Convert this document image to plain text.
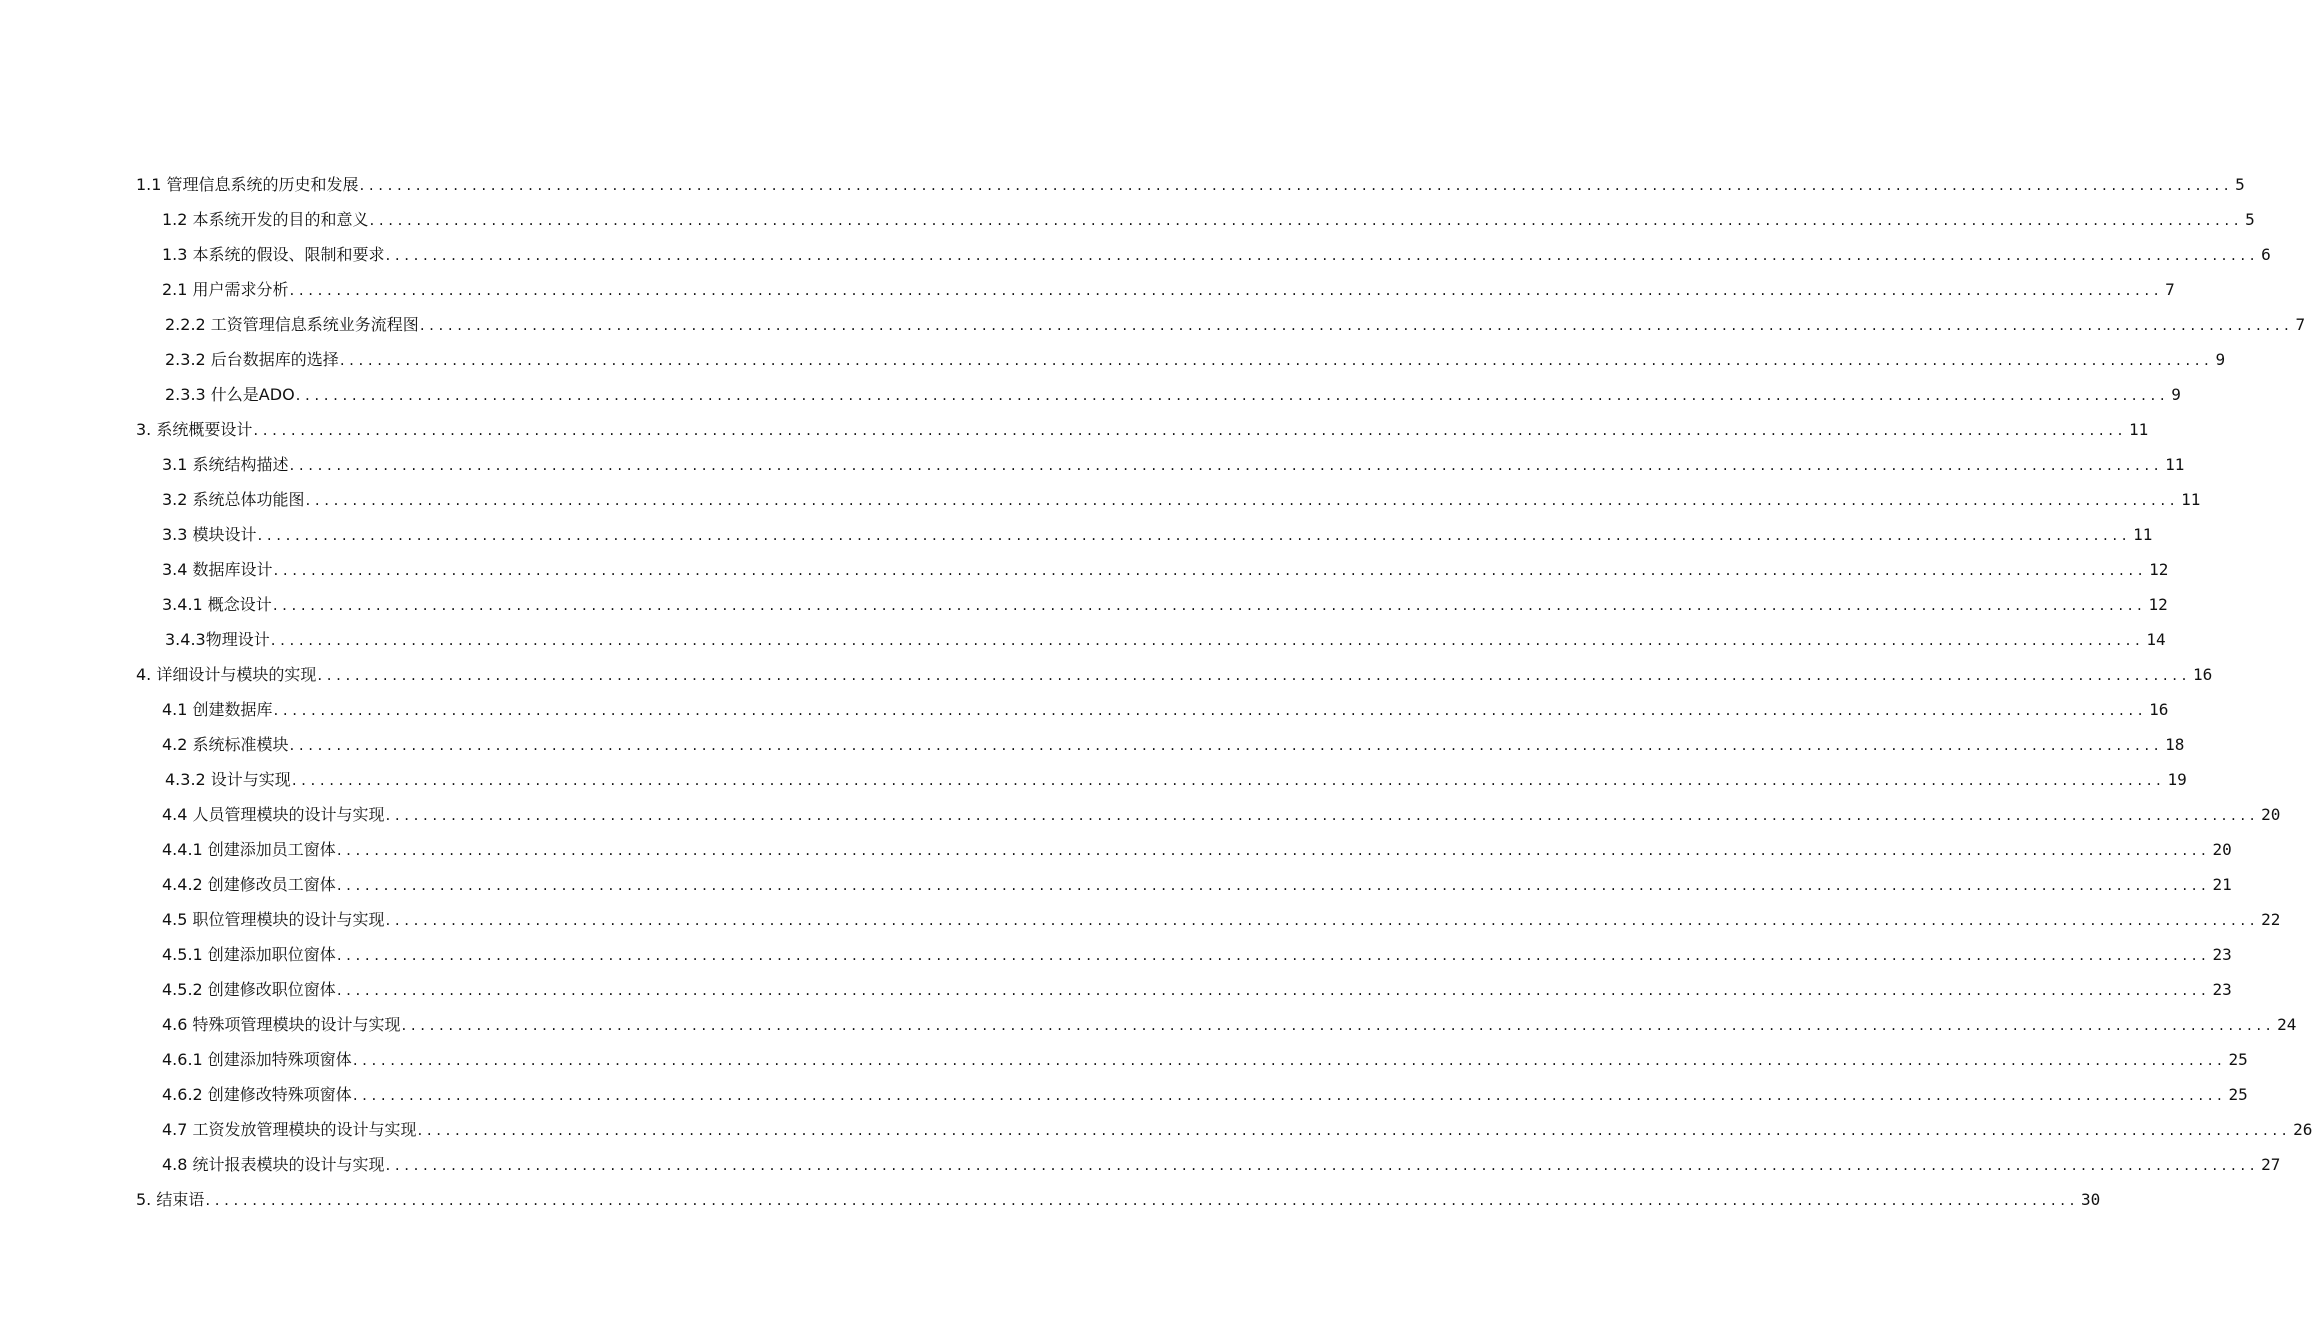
1.1 管理信息系统的历史和发展 ........................................................................................................................................................................................................ 5
1.2 本系统开发的目的和意义 ........................................................................................................................................................................................................ 5
1.3 本系统的假设、限制和要求 ........................................................................................................................................................................................................ 6
2.1 用户需求分析 ........................................................................................................................................................................................................ 7
2.2.2 工资管理信息系统业务流程图 ........................................................................................................................................................................................................ 7
2.3.2 后台数据库的选择 ........................................................................................................................................................................................................ 9
2.3.3 什么是ADO ........................................................................................................................................................................................................ 9
3. 系统概要设计 ........................................................................................................................................................................................................ 11
3.1 系统结构描述 ........................................................................................................................................................................................................ 11
3.2 系统总体功能图 ........................................................................................................................................................................................................ 11
3.3 模块设计 ........................................................................................................................................................................................................ 11
3.4 数据库设计 ........................................................................................................................................................................................................ 12
3.4.1 概念设计 ........................................................................................................................................................................................................ 12
3.4.3物理设计 ........................................................................................................................................................................................................ 14
4. 详细设计与模块的实现 ........................................................................................................................................................................................................ 16
4.1 创建数据库 ........................................................................................................................................................................................................ 16
4.2 系统标准模块 ........................................................................................................................................................................................................ 18
4.3.2 设计与实现 ........................................................................................................................................................................................................ 19
4.4 人员管理模块的设计与实现 ........................................................................................................................................................................................................ 20
4.4.1 创建添加员工窗体 ........................................................................................................................................................................................................ 20
4.4.2 创建修改员工窗体 ........................................................................................................................................................................................................ 21
4.5 职位管理模块的设计与实现 ........................................................................................................................................................................................................ 22
4.5.1 创建添加职位窗体 ........................................................................................................................................................................................................ 23
4.5.2 创建修改职位窗体 ........................................................................................................................................................................................................ 23
4.6 特殊项管理模块的设计与实现 ........................................................................................................................................................................................................ 24
4.6.1 创建添加特殊项窗体 ........................................................................................................................................................................................................ 25
4.6.2 创建修改特殊项窗体 ........................................................................................................................................................................................................ 25
4.7 工资发放管理模块的设计与实现 ........................................................................................................................................................................................................ 26
4.8 统计报表模块的设计与实现 ........................................................................................................................................................................................................ 27
5. 结束语 ........................................................................................................................................................................................................ 30
